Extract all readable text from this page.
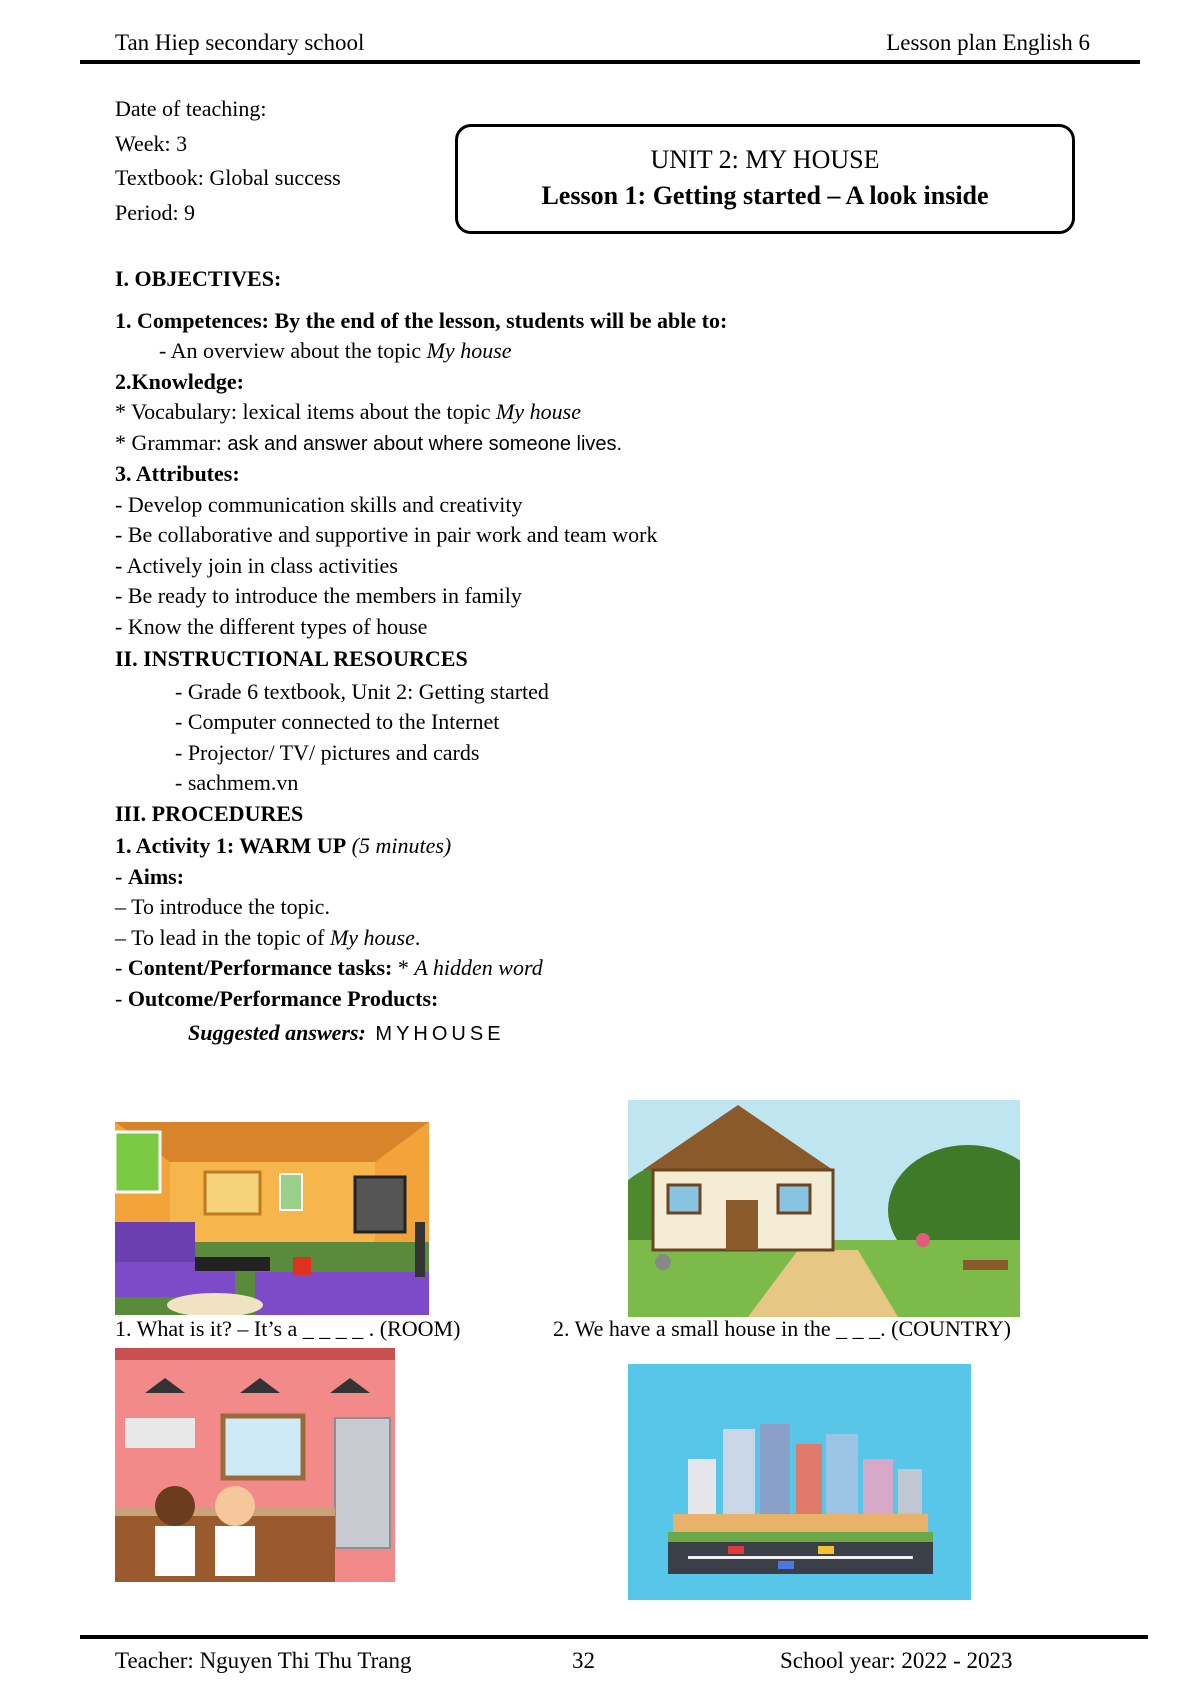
Tan Hiep secondary school	Lesson plan English 6

Date of teaching:

Week: 3

Textbook: Global success

Period: 9

UNIT 2: MY HOUSE
Lesson 1: Getting started – A look inside

I. OBJECTIVES:

1. Competences: By the end of the lesson, students will be able to:

- An overview about the topic My house

2.Knowledge:

* Vocabulary: lexical items about the topic My house

* Grammar: ask and answer about where someone lives.

3. Attributes:

- Develop communication skills and creativity

- Be collaborative and supportive in pair work and team work

- Actively join in class activities

- Be ready to introduce the members in family

- Know the different types of house

II. INSTRUCTIONAL RESOURCES

- Grade 6 textbook, Unit 2: Getting started

- Computer connected to the Internet

- Projector/ TV/ pictures and cards

- sachmem.vn

III. PROCEDURES

1. Activity 1: WARM UP (5 minutes)

- Aims:

– To introduce the topic.

– To lead in the topic of My house.

- Content/Performance tasks: * A hidden word

- Outcome/Performance Products:

Suggested answers: MYHOUSE

1. What is it? – It’s a _ _ _ _ . (ROOM)	2. We have a small house in the _ _ _. (COUNTRY)
Teacher: Nguyen Thi Thu Trang	32	School year: 2022 - 2023
